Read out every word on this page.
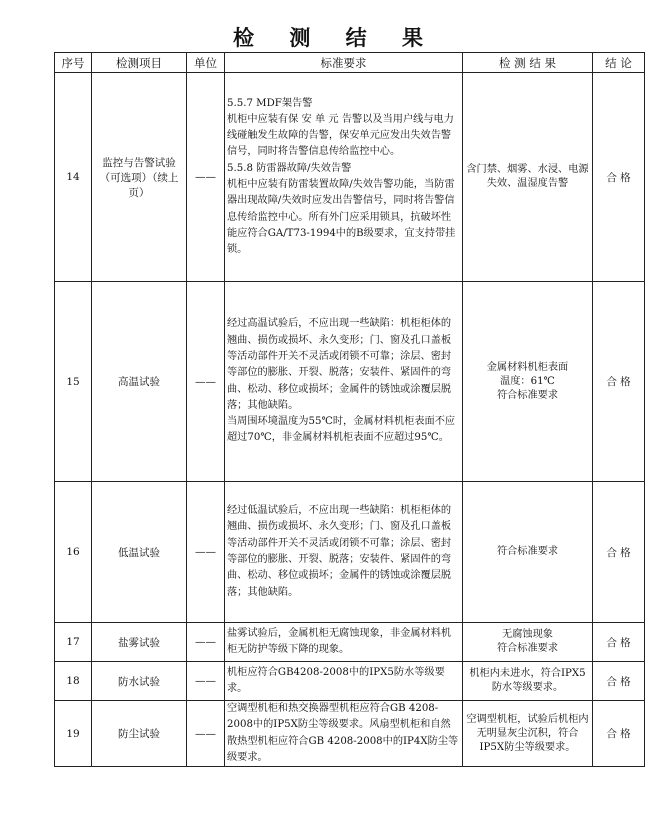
检 测 结 果
序号	检测项目	单位	标准要求	检 测 结 果	结 论
14	监控与告警试验（可选项）（续上页）	——	5.5.7 MDF架告警
机柜中应装有保 安 单 元 告警以及当用户线与电力线碰触发生故障的告警，保安单元应发出失效告警信号，同时将告警信息传给监控中心。
5.5.8 防雷器故障/失效告警
机柜中应装有防雷装置故障/失效告警功能，当防雷器出现故障/失效时应发出告警信号，同时将告警信息传给监控中心。所有外门应采用锁具，抗破坏性能应符合GA/T73-1994中的B级要求，宜支持带挂锁。	含门禁、烟雾、水浸、电源失效、温湿度告警	合 格
15	高温试验	——	经过高温试验后，不应出现一些缺陷：机柜柜体的翘曲、损伤或损坏、永久变形；门、窗及孔口盖板等活动部件开关不灵活或闭锁不可靠；涂层、密封等部位的膨胀、开裂、脱落；安装件、紧固件的弯曲、松动、移位或损坏；金属件的锈蚀或涂覆层脱落；其他缺陷。
当周围环境温度为55℃时，金属材料机柜表面不应超过70℃，非金属材料机柜表面不应超过95℃。	金属材料机柜表面
温度：61℃
符合标准要求	合 格
16	低温试验	——	经过低温试验后，不应出现一些缺陷：机柜柜体的翘曲、损伤或损坏、永久变形；门、窗及孔口盖板等活动部件开关不灵活或闭锁不可靠；涂层、密封等部位的膨胀、开裂、脱落；安装件、紧固件的弯曲、松动、移位或损坏；金属件的锈蚀或涂覆层脱落；其他缺陷。	符合标准要求	合 格
17	盐雾试验	——	盐雾试验后，金属机柜无腐蚀现象，非金属材料机柜无防护等级下降的现象。	无腐蚀现象
符合标准要求	合 格
18	防水试验	——	机柜应符合GB4208-2008中的IPX5防水等级要求。	机柜内未进水，符合IPX5防水等级要求。	合 格
19	防尘试验	——	空调型机柜和热交换器型机柜应符合GB 4208-2008中的IP5X防尘等级要求。风扇型机柜和自然散热型机柜应符合GB 4208-2008中的IP4X防尘等级要求。	空调型机柜，试验后机柜内无明显灰尘沉积，符合IP5X防尘等级要求。	合 格
